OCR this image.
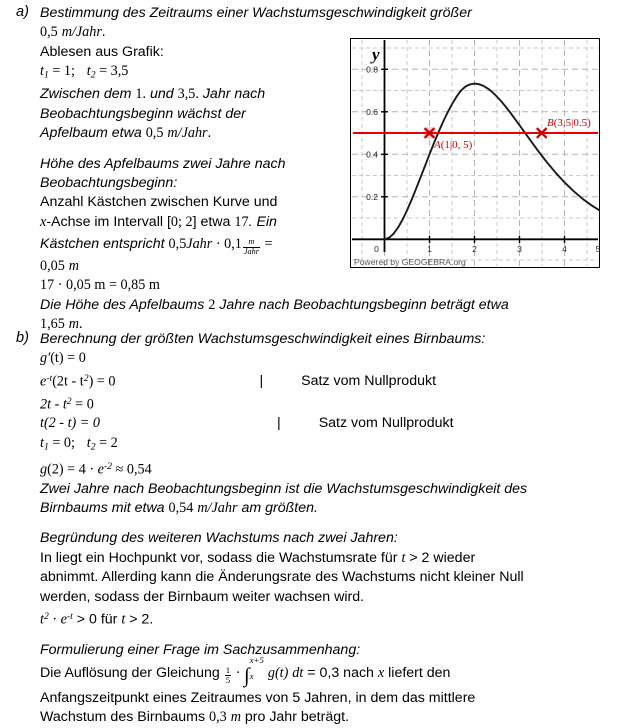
y
0.2
0.4
0.6
0.8
0	1	2	3	4	5
A(1|0, 5)
B(3,5|0.5)
Powered by GEOGEBRA.org
a) Bestimmung des Zeitraums einer Wachstumsgeschwindigkeit größer
0,5 m/Jahr.
Ablesen aus Grafik:
$t_1 = 1$; $t_2 = 3,5$
Zwischen dem 1. und 3,5. Jahr nach
Beobachtungsbeginn wächst der
Apfelbaum etwa 0,5 m/Jahr.
Höhe des Apfelbaums zwei Jahre nach
Beobachtungsbeginn:
Anzahl Kästchen zwischen Kurve und
x-Achse im Intervall [0; 2] etwa 17. Ein
Kästchen entspricht 0,5Jahr · $0,1 \frac{m}{\text{Jahr}}$ =
0,05 m
17 · 0,05 m = 0,85 m
Die Höhe des Apfelbaums 2 Jahre nach Beobachtungsbeginn beträgt etwa
1,65 m.
b) Berechnung der größten Wachstumsgeschwindigkeit eines Birnbaums:
g′(t) = 0
$e^{-t}(2t - t^2) = 0$	|	Satz vom Nullprodukt
$2t - t^2 = 0$
t(2 - t) = 0	|	Satz vom Nullprodukt
$t_1 = 0$; $t_2 = 2$
$g(2) = 4 \cdot e^{-2} \approx 0,54$
Zwei Jahre nach Beobachtungsbeginn ist die Wachstumsgeschwindigkeit des
Birnbaums mit etwa 0,54 m/Jahr am größten.
Begründung des weiteren Wachstums nach zwei Jahren:
In liegt ein Hochpunkt vor, sodass die Wachstumsrate für t > 2 wieder
abnimmt. Allerding kann die Änderungsrate des Wachstums nicht kleiner Null
werden, sodass der Birnbaum weiter wachsen wird.
$t^2 \cdot e^{-t} > 0$ für t > 2.
Formulierung einer Frage im Sachzusammenhang:
Die Auflösung der Gleichung $\frac{1}{5}$ · ∫
x+5
x	g(t) dt = 0,3 nach x liefert den
Anfangszeitpunkt eines Zeitraumes von 5 Jahren, in dem das mittlere
Wachstum des Birnbaums 0,3 m pro Jahr beträgt.
